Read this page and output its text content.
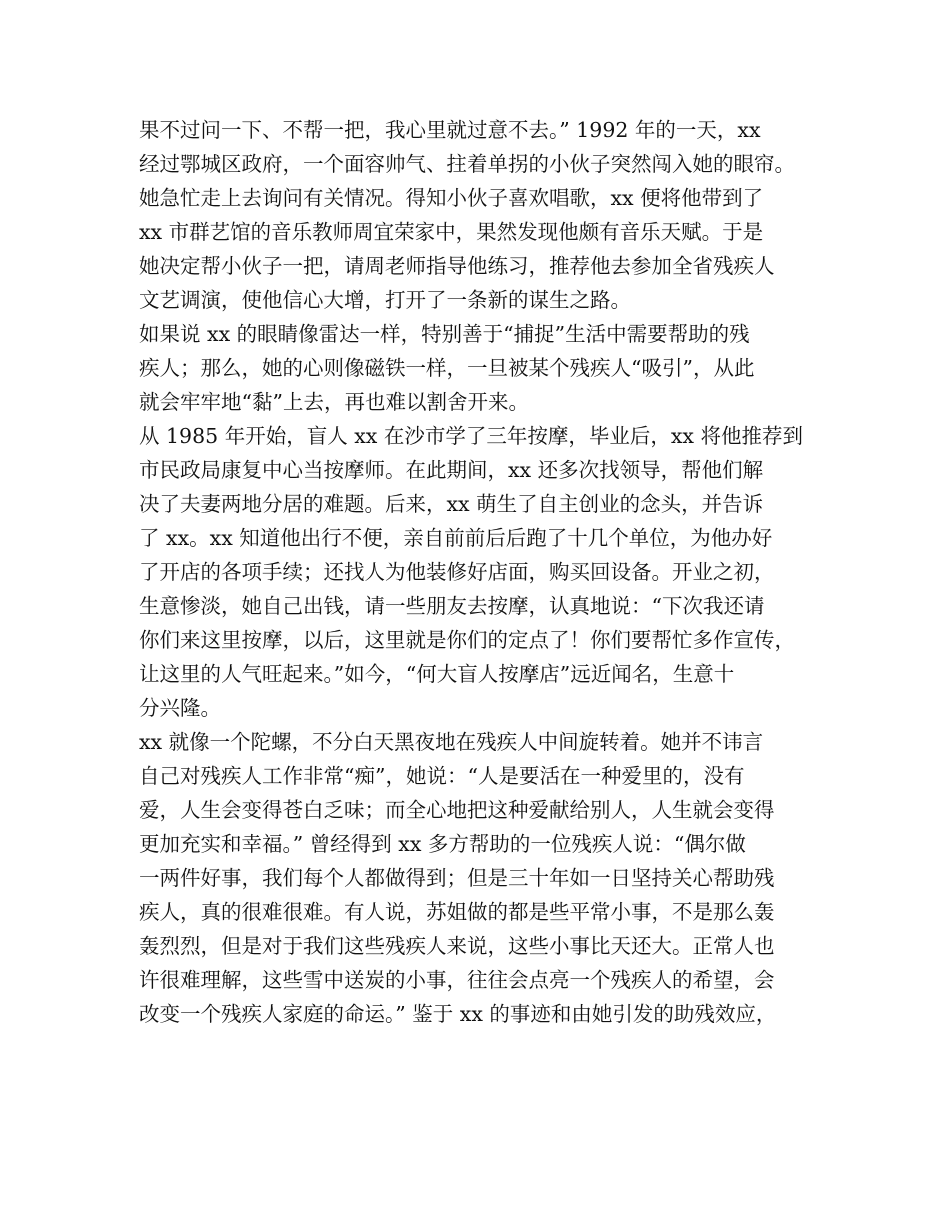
果不过问一下、不帮一把，我心里就过意不去。” 1992 年的一天，xx
经过鄂城区政府，一个面容帅气、拄着单拐的小伙子突然闯入她的眼帘。
她急忙走上去询问有关情况。得知小伙子喜欢唱歌，xx 便将他带到了
xx 市群艺馆的音乐教师周宜荣家中，果然发现他颇有音乐天赋。于是
她决定帮小伙子一把，请周老师指导他练习，推荐他去参加全省残疾人
文艺调演，使他信心大增，打开了一条新的谋生之路。
如果说 xx 的眼睛像雷达一样，特别善于“捕捉”生活中需要帮助的残
疾人；那么，她的心则像磁铁一样，一旦被某个残疾人“吸引”，从此
就会牢牢地“黏”上去，再也难以割舍开来。
从 1985 年开始，盲人 xx 在沙市学了三年按摩，毕业后，xx 将他推荐到
市民政局康复中心当按摩师。在此期间，xx 还多次找领导，帮他们解
决了夫妻两地分居的难题。后来，xx 萌生了自主创业的念头，并告诉
了 xx。xx 知道他出行不便，亲自前前后后跑了十几个单位，为他办好
了开店的各项手续；还找人为他装修好店面，购买回设备。开业之初，
生意惨淡，她自己出钱，请一些朋友去按摩，认真地说：“下次我还请
你们来这里按摩，以后，这里就是你们的定点了！你们要帮忙多作宣传，
让这里的人气旺起来。”如今，“何大盲人按摩店”远近闻名，生意十
分兴隆。
xx 就像一个陀螺，不分白天黑夜地在残疾人中间旋转着。她并不讳言
自己对残疾人工作非常“痴”，她说：“人是要活在一种爱里的，没有
爱，人生会变得苍白乏味；而全心地把这种爱献给别人，人生就会变得
更加充实和幸福。” 曾经得到 xx 多方帮助的一位残疾人说：“偶尔做
一两件好事，我们每个人都做得到；但是三十年如一日坚持关心帮助残
疾人，真的很难很难。有人说，苏姐做的都是些平常小事，不是那么轰
轰烈烈，但是对于我们这些残疾人来说，这些小事比天还大。正常人也
许很难理解，这些雪中送炭的小事，往往会点亮一个残疾人的希望，会
改变一个残疾人家庭的命运。” 鉴于 xx 的事迹和由她引发的助残效应，
